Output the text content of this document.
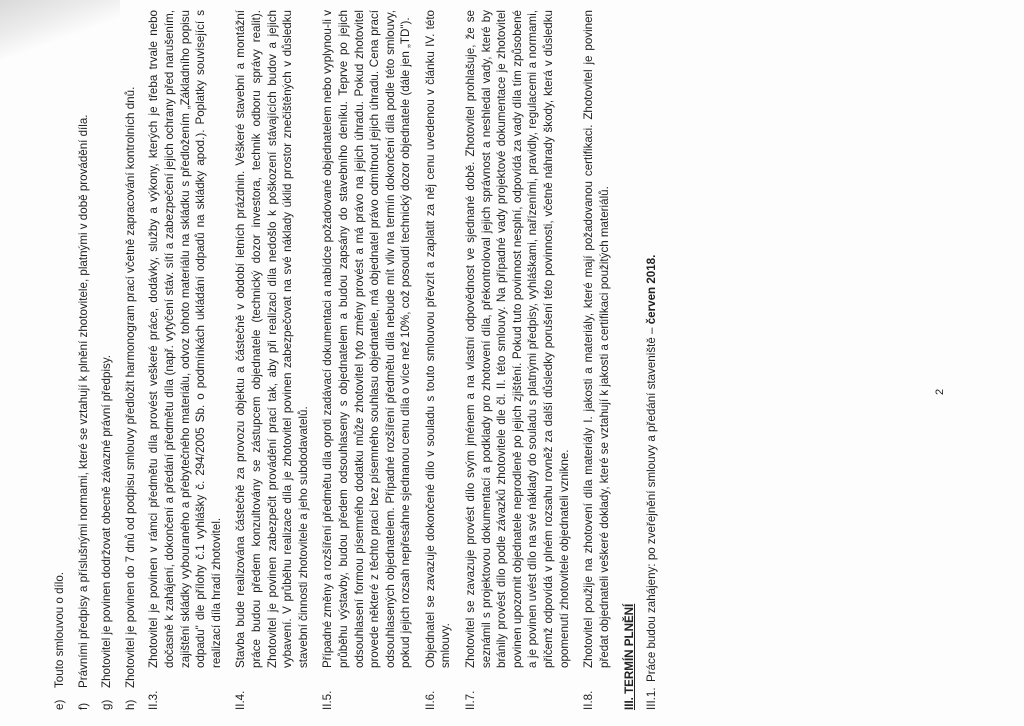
e)
Touto smlouvou o dílo.
f)
Právními předpisy a příslušnými normami, které se vztahují k plnění zhotovitele, platnými v době provádění díla.
g)
Zhotovitel je povinen dodržovat obecně závazné právní předpisy.
h)
Zhotovitel je povinen do 7 dnů od podpisu smlouvy předložit harmonogram prací včetně zapracování kontrolních dnů.
II.3.
Zhotovitel je povinen v rámci předmětu díla provést veškeré práce, dodávky, služby a výkony, kterých je třeba trvale nebo dočasně k zahájení, dokončení a předání předmětu díla (např. vytyčení stáv. sítí a zabezpečení jejich ochrany před narušením, zajištění skládky vybouraného a přebytečného materiálu, odvoz tohoto materiálu na skládku s předložením „Základního popisu odpadu" dle přílohy č.1 vyhlášky č. 294/2005 Sb. o podmínkách ukládání odpadů na skládky apod.). Poplatky související s realizací díla hradí zhotovitel.
II.4.
Stavba bude realizována částečně za provozu objektu a částečně v období letních prázdnin. Veškeré stavební a montážní práce budou předem konzultovány se zástupcem objednatele (technický dozor investora, technik odboru správy realit). Zhotovitel je povinen zabezpečit provádění prací tak, aby při realizaci díla nedošlo k poškození stávajících budov a jejich vybavení. V průběhu realizace díla je zhotovitel povinen zabezpečovat na své náklady úklid prostor znečištěných v důsledku stavební činnosti zhotovitele a jeho subdodavatelů.
II.5.
Případné změny a rozšíření předmětu díla oproti zadávací dokumentaci a nabídce požadované objednatelem nebo vyplynou-li v průběhu výstavby, budou předem odsouhlaseny s objednatelem a budou zapsány do stavebního deníku. Teprve po jejich odsouhlasení formou písemného dodatku může zhotovitel tyto změny provést a má právo na jejich úhradu. Pokud zhotovitel provede některé z těchto prací bez písemného souhlasu objednatele, má objednatel právo odmítnout jejich úhradu. Cena prací odsouhlasených objednatelem. Případné rozšíření předmětu díla nebude mít vliv na termín dokončení díla podle této smlouvy, pokud jejich rozsah nepřesáhne sjednanou cenu díla o více než 10%, což posoudí technický dozor objednatele (dále jen „TD").
II.6.
Objednatel se zavazuje dokončené dílo v souladu s touto smlouvou převzít a zaplatit za něj cenu uvedenou v článku IV. této smlouvy.
II.7.
Zhotovitel se zavazuje provést dílo svým jménem a na vlastní odpovědnost ve sjednané době. Zhotovitel prohlašuje, že se seznámil s projektovou dokumentací a podklady pro zhotovení díla, překontroloval jejich správnost a neshledal vady, které by bránily provést dílo podle závazků zhotovitele dle čl. II. této smlouvy. Na případné vady projektové dokumentace je zhotovitel povinen upozornit objednatele neprodleně po jejich zjištění. Pokud tuto povinnost nesplní, odpovídá za vady díla tím způsobené a je povinen uvést dílo na své náklady do souladu s platnými předpisy, vyhláškami, nařízeními, pravidly, regulacemi a normami, přičemž odpovídá v plném rozsahu rovněž za další důsledky porušení této povinnosti, včetně náhrady škody, která v důsledku opomenutí zhotovitele objednateli vznikne.
II.8.
Zhotovitel použije na zhotovení díla materiály I. jakosti a materiály, které mají požadovanou certifikaci. Zhotovitel je povinen předat objednateli veškeré doklady, které se vztahují k jakosti a certifikaci použitých materiálů. III. TERMÍN PLNĚNÍ III.1.
Práce budou zahájeny: po zveřejnění smlouvy a předání staveniště – červen 2018.
2
